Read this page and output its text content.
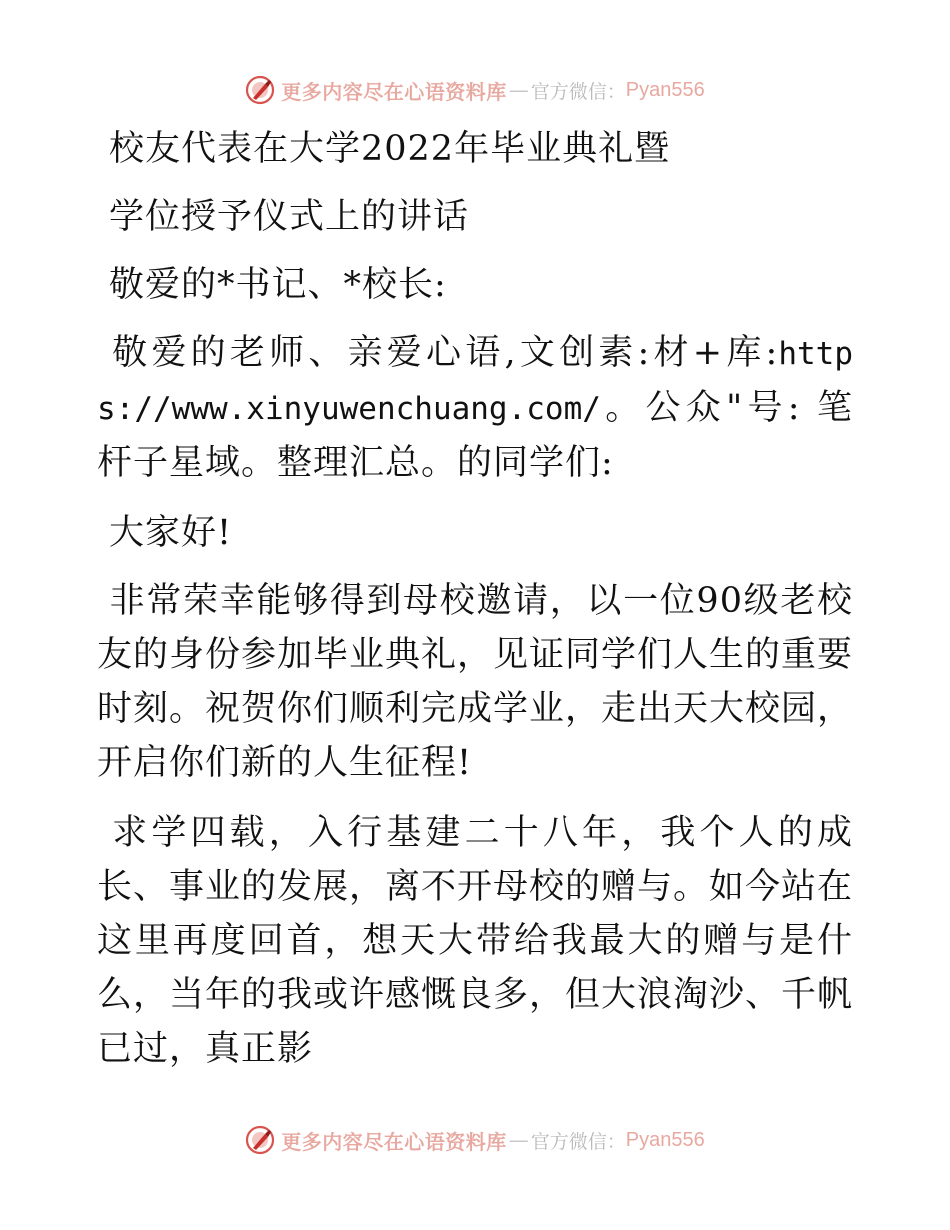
更多内容尽在心语资料库 — 官方微信： Pyan556

校友代表在大学2022年毕业典礼暨

学位授予仪式上的讲话

敬爱的*书记、*校长:

敬爱的老师、亲爱心语,文创素:材+库:https://www.xinyuwenchuang.com/。公众"号: 笔杆子星域。整理汇总。的同学们:

大家好!

非常荣幸能够得到母校邀请，以一位90级老校友的身份参加毕业典礼，见证同学们人生的重要时刻。祝贺你们顺利完成学业，走出天大校园，开启你们新的人生征程!

求学四载，入行基建二十八年，我个人的成长、事业的发展，离不开母校的赠与。如今站在这里再度回首，想天大带给我最大的赠与是什么，当年的我或许感慨良多，但大浪淘沙、千帆已过，真正影

更多内容尽在心语资料库 — 官方微信： Pyan556
